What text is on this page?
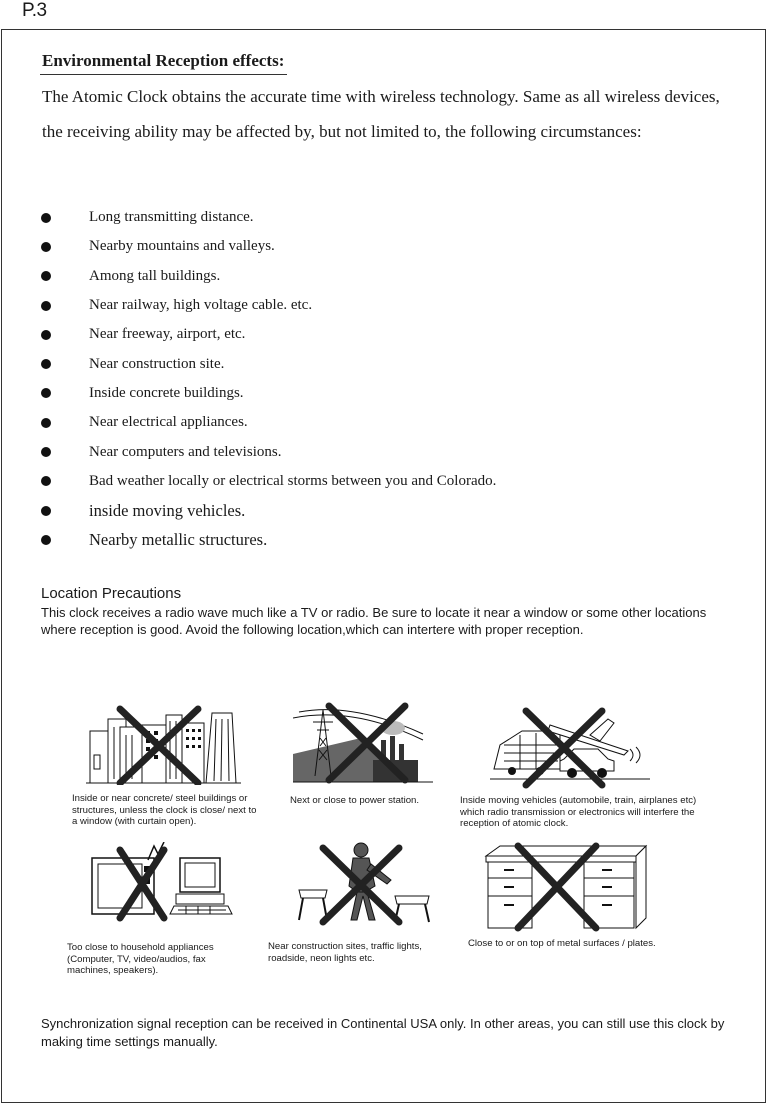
P.3
Environmental Reception effects:

The Atomic Clock obtains the accurate time with wireless technology. Same as all wireless devices, the receiving ability may be affected by, but not limited to, the following circumstances:

Long transmitting distance.
Nearby mountains and valleys.
Among tall buildings.
Near railway, high voltage cable. etc.
Near freeway, airport, etc.
Near construction site.
Inside concrete buildings.
Near electrical appliances.
Near computers and televisions.
Bad weather locally or electrical storms between you and Colorado.
inside moving vehicles.
Nearby metallic structures.
Location Precautions

This clock receives a radio wave much like a TV or radio. Be sure to locate it near a window or some other locations where reception is good. Avoid the following location,which can intertere with proper reception.

Inside or near concrete/ steel buildings or structures, unless the clock is close/ next to a window (with curtain open).

Next or close to power station.	Inside moving vehicles (automobile, train, airplanes etc) which radio transmission or electronics will interfere the reception of atomic clock.

Too close to household appliances (Computer, TV, video/audios, fax machines, speakers).

Near construction sites, traffic lights, roadside, neon lights etc.

Close to or on top of metal surfaces / plates.

Synchronization signal reception can be received in Continental USA only. In other areas, you can still use this clock by making time settings manually.
